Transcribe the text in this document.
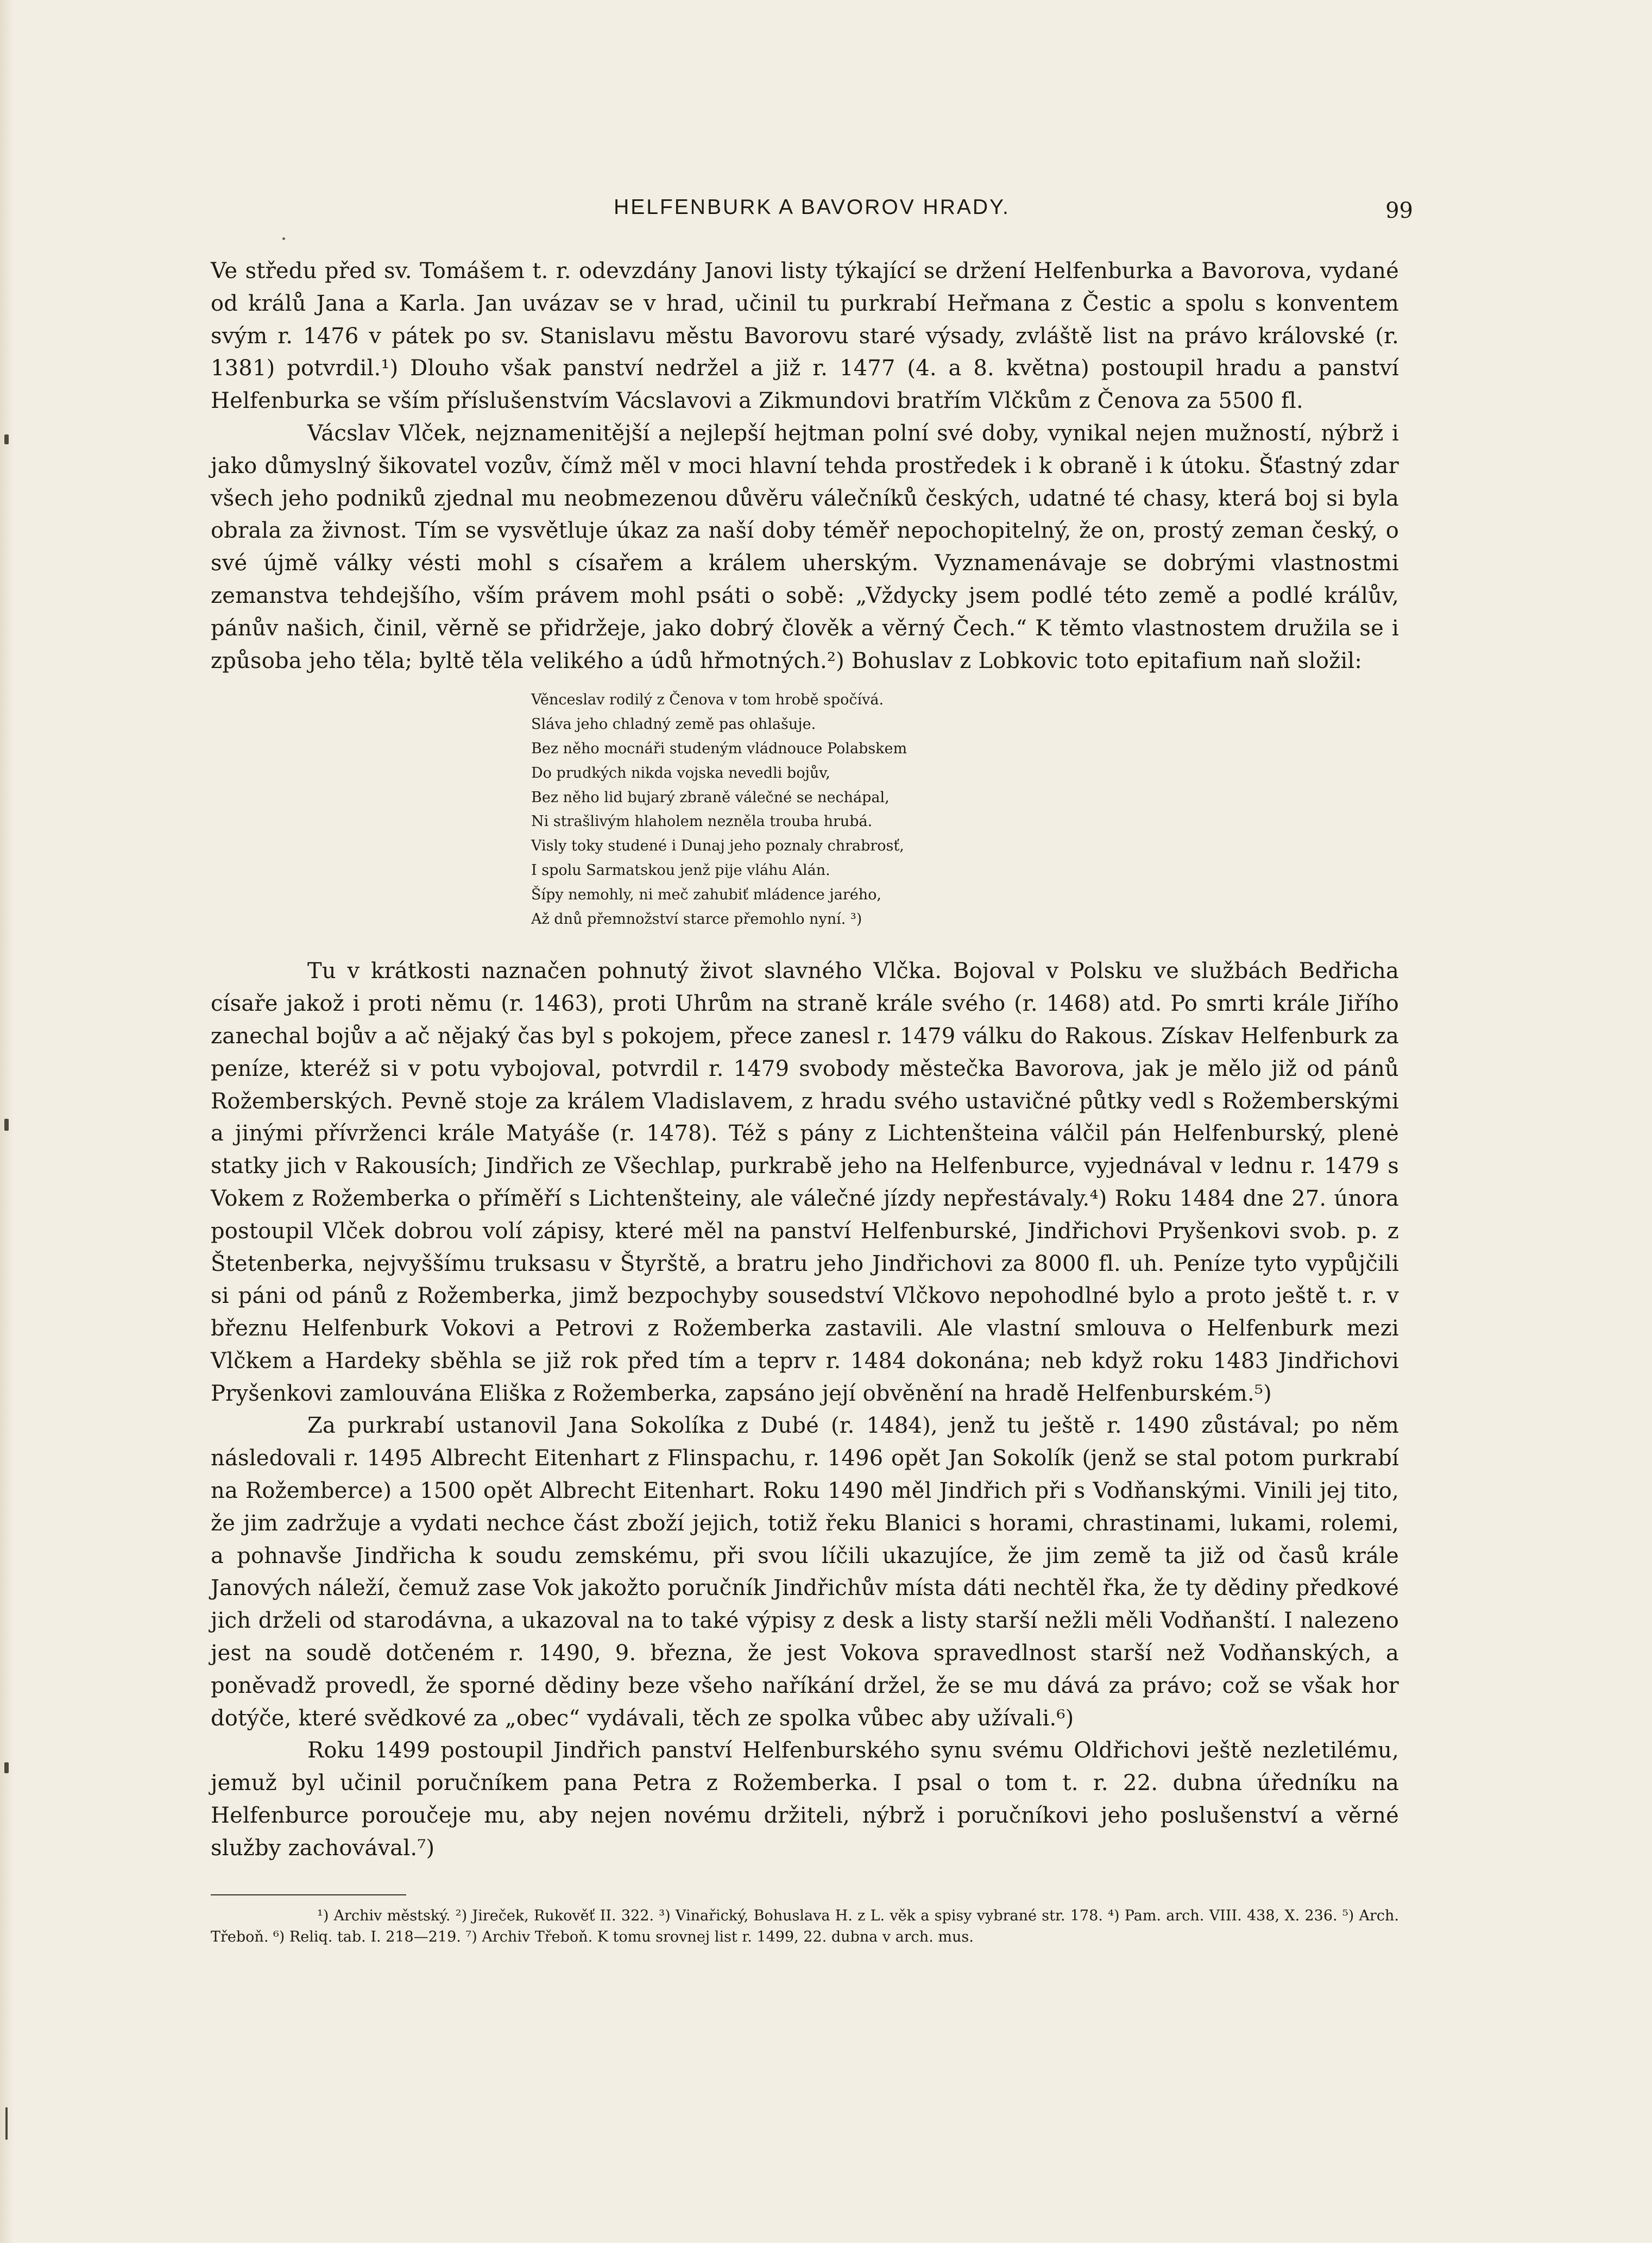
HELFENBURK A BAVOROV HRADY.	99

Ve středu před sv. Tomášem t. r. odevzdány Janovi listy týkající se držení Helfenburka a Bavorova, vydané od králů Jana a Karla. Jan uvázav se v hrad, učinil tu purkrabí Heřmana z Čestic a spolu s konventem svým r. 1476 v pátek po sv. Stanislavu městu Bavorovu staré výsady, zvláště list na právo královské (r. 1381) potvrdil.¹) Dlouho však panství nedržel a již r. 1477 (4. a 8. května) postoupil hradu a panství Helfenburka se vším příslušenstvím Vácslavovi a Zikmundovi bratřím Vlčkům z Čenova za 5500 fl.

Vácslav Vlček, nejznamenitější a nejlepší hejtman polní své doby, vynikal nejen mužností, nýbrž i jako důmyslný šikovatel vozův, čímž měl v moci hlavní tehda prostředek i k obraně i k útoku. Šťastný zdar všech jeho podniků zjednal mu neobmezenou důvěru válečníků českých, udatné té chasy, která boj si byla obrala za živnost. Tím se vysvětluje úkaz za naší doby téměř nepochopitelný, že on, prostý zeman český, o své újmě války vésti mohl s císařem a králem uherským. Vyznamenávaje se dobrými vlastnostmi zemanstva tehdejšího, vším právem mohl psáti o sobě: „Vždycky jsem podlé této země a podlé králův, pánův našich, činil, věrně se přidržeje, jako dobrý člověk a věrný Čech.“ K těmto vlastnostem družila se i způsoba jeho těla; byltě těla velikého a údů hřmotných.²) Bohuslav z Lobkovic toto epitafium naň složil:

Věnceslav rodilý z Čenova v tom hrobě spočívá.
Sláva jeho chladný země pas ohlašuje.
Bez něho mocnáři studeným vládnouce Polabskem
Do prudkých nikda vojska nevedli bojův,
Bez něho lid bujarý zbraně válečné se nechápal,
Ni strašlivým hlaholem nezněla trouba hrubá.
Visly toky studené i Dunaj jeho poznaly chrabrosť,
I spolu Sarmatskou jenž pije vláhu Alán.
Šípy nemohly, ni meč zahubiť mládence jarého,
Až dnů přemnožství starce přemohlo nyní. ³)

Tu v krátkosti naznačen pohnutý život slavného Vlčka. Bojoval v Polsku ve službách Bedřicha císaře jakož i proti němu (r. 1463), proti Uhrům na straně krále svého (r. 1468) atd. Po smrti krále Jiřího zanechal bojův a ač nějaký čas byl s pokojem, přece zanesl r. 1479 válku do Rakous. Získav Helfenburk za peníze, kteréž si v potu vybojoval, potvrdil r. 1479 svobody městečka Bavorova, jak je mělo již od pánů Rožemberských. Pevně stoje za králem Vladislavem, z hradu svého ustavičné půtky vedl s Rožemberskými a jinými přívrženci krále Matyáše (r. 1478). Též s pány z Lichtenšteina válčil pán Helfenburský, plenė statky jich v Rakousích; Jindřich ze Všechlap, purkrabě jeho na Helfenburce, vyjednával v lednu r. 1479 s Vokem z Rožemberka o příměří s Lichtenšteiny, ale válečné jízdy nepřestávaly.⁴) Roku 1484 dne 27. února postoupil Vlček dobrou volí zápisy, které měl na panství Helfenburské, Jindřichovi Pryšenkovi svob. p. z Štetenberka, nejvyššímu truksasu v Štyrště, a bratru jeho Jindřichovi za 8000 fl. uh. Peníze tyto vypůjčili si páni od pánů z Rožemberka, jimž bezpochyby sousedství Vlčkovo nepohodlné bylo a proto ještě t. r. v březnu Helfenburk Vokovi a Petrovi z Rožemberka zastavili. Ale vlastní smlouva o Helfenburk mezi Vlčkem a Hardeky sběhla se již rok před tím a teprv r. 1484 dokonána; neb když roku 1483 Jindřichovi Pryšenkovi zamlouvána Eliška z Rožemberka, zapsáno její obvěnění na hradě Helfenburském.⁵)

Za purkrabí ustanovil Jana Sokolíka z Dubé (r. 1484), jenž tu ještě r. 1490 zůstával; po něm následovali r. 1495 Albrecht Eitenhart z Flinspachu, r. 1496 opět Jan Sokolík (jenž se stal potom purkrabí na Rožemberce) a 1500 opět Albrecht Eitenhart. Roku 1490 měl Jindřich při s Vodňanskými. Vinili jej tito, že jim zadržuje a vydati nechce část zboží jejich, totiž řeku Blanici s horami, chrastinami, lukami, rolemi, a pohnavše Jindřicha k soudu zemskému, při svou líčili ukazujíce, že jim země ta již od časů krále Janových náleží, čemuž zase Vok jakožto poručník Jindřichův místa dáti nechtěl řka, že ty dědiny předkové jich drželi od starodávna, a ukazoval na to také výpisy z desk a listy starší nežli měli Vodňanští. I nalezeno jest na soudě dotčeném r. 1490, 9. března, že jest Vokova spravedlnost starší než Vodňanských, a poněvadž provedl, že sporné dědiny beze všeho naříkání držel, že se mu dává za právo; což se však hor dotýče, které svědkové za „obec“ vydávali, těch ze spolka vůbec aby užívali.⁶)

Roku 1499 postoupil Jindřich panství Helfenburského synu svému Oldřichovi ještě nezletilému, jemuž byl učinil poručníkem pana Petra z Rožemberka. I psal o tom t. r. 22. dubna úředníku na Helfenburce poroučeje mu, aby nejen novému držiteli, nýbrž i poručníkovi jeho poslušenství a věrné služby zachovával.⁷)

¹) Archiv městský. ²) Jireček, Rukověť II. 322. ³) Vinařický, Bohuslava H. z L. věk a spisy vybrané str. 178. ⁴) Pam. arch. VIII. 438, X. 236. ⁵) Arch. Třeboň. ⁶) Reliq. tab. I. 218—219. ⁷) Archiv Třeboň. K tomu srovnej list r. 1499, 22. dubna v arch. mus.
